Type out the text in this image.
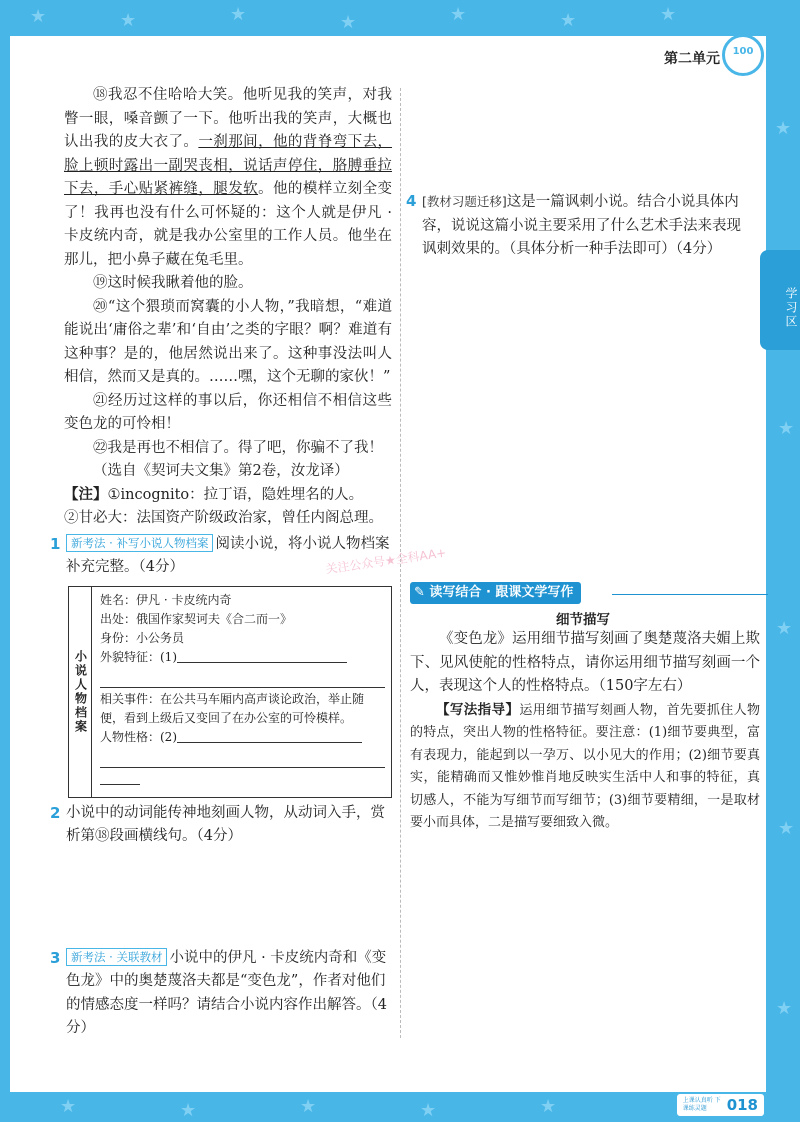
★	★	★	★	★	★	★
★
★
★
★
★
★	★	★	★	★
第二单元	100
学习区

⑱我忍不住哈哈大笑。他听见我的笑声，对我瞥一眼，嗓音颤了一下。他听出我的笑声，大概也认出我的皮大衣了。一刹那间，他的背脊弯下去，脸上顿时露出一副哭丧相，说话声停住，胳膊垂拉下去，手心贴紧裤缝，腿发软。他的模样立刻全变了！我再也没有什么可怀疑的：这个人就是伊凡 · 卡皮统内奇，就是我办公室里的工作人员。他坐在那儿，把小鼻子藏在兔毛里。

⑲这时候我瞅着他的脸。

⑳“这个猥琐而窝囊的小人物，”我暗想，“难道能说出‘庸俗之辈’和‘自由’之类的字眼？啊？难道有这种事？是的，他居然说出来了。这种事没法叫人相信，然而又是真的。……嘿，这个无聊的家伙！”

㉑经历过这样的事以后，你还相信不相信这些变色龙的可怜相！

㉒我是再也不相信了。得了吧，你骗不了我！

（选自《契诃夫文集》第2卷，汝龙译）

【注】①incognito：拉丁语，隐姓埋名的人。
②甘必大：法国资产阶级政治家，曾任内阁总理。
1 新考法 · 补写小说人物档案 阅读小说，将小说人物档案补充完整。（4分）
小说人物档案
姓名：伊凡 · 卡皮统内奇
出处：俄国作家契诃夫《合二而一》
身份：小公务员
外貌特征：(1)
相关事件：在公共马车厢内高声谈论政治，举止随便，看到上级后又变回了在办公室的可怜模样。
人物性格：(2)
2 小说中的动词能传神地刻画人物，从动词入手，赏析第⑱段画横线句。（4分）
3 新考法 · 关联教材 小说中的伊凡 · 卡皮统内奇和《变色龙》中的奥楚蔑洛夫都是“变色龙”，作者对他们的情感态度一样吗？请结合小说内容作出解答。（4分）
4 [教材习题迁移]这是一篇讽刺小说。结合小说具体内容，说说这篇小说主要采用了什么艺术手法来表现讽刺效果的。（具体分析一种手法即可）（4分）
关注公众号★全科AA+
✎ 读写结合 · 跟课文学写作
细节描写

《变色龙》运用细节描写刻画了奥楚蔑洛夫媚上欺下、见风使舵的性格特点，请你运用细节描写刻画一个人，表现这个人的性格特点。（150字左右）

【写法指导】运用细节描写刻画人物，首先要抓住人物的特点，突出人物的性格特征。要注意：(1)细节要典型，富有表现力，能起到以一孕万、以小见大的作用；(2)细节要真实，能精确而又惟妙惟肖地反映实生活中人和事的特征，真切感人，不能为写细节而写细节；(3)细节要精细，一是取材要小而具体，二是描写要细致入微。

上课认真听 下课练灵题	018
